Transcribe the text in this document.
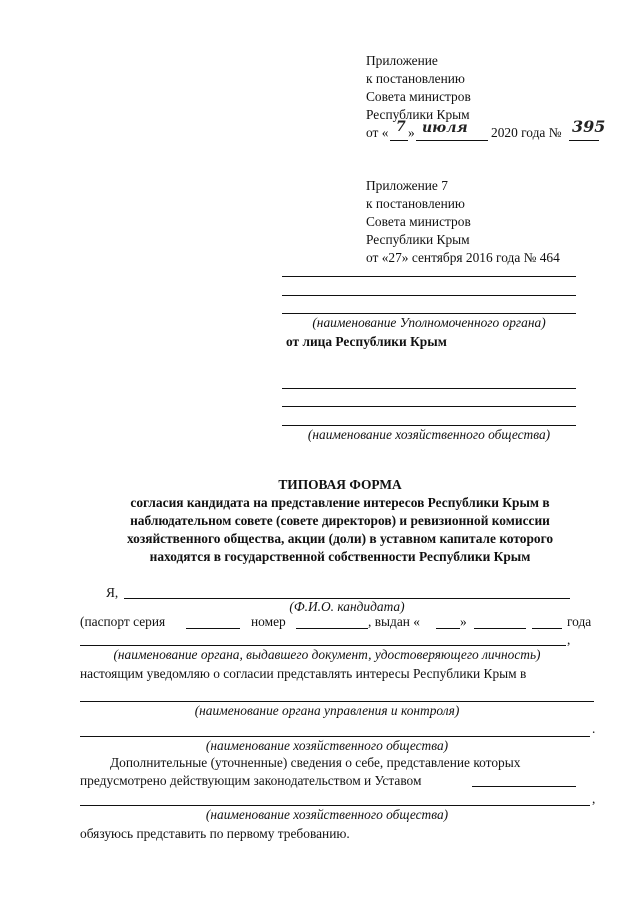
Приложение
к постановлению
Совета министров
Республики Крым
от « 7 » июля 2020 года № 395
Приложение 7
к постановлению
Совета министров
Республики Крым
от «27» сентября 2016 года № 464
(наименование Уполномоченного органа)
от лица Республики Крым
(наименование хозяйственного общества)
ТИПОВАЯ ФОРМА
согласия кандидата на представление интересов Республики Крым в
наблюдательном совете (совете директоров) и ревизионной комиссии
хозяйственного общества, акции (доли) в уставном капитале которого
находятся в государственной собственности Республики Крым
Я,
(Ф.И.О. кандидата)
(паспорт серия	номер	, выдан «	»	года
,
(наименование органа, выдавшего документ, удостоверяющего личность)
настоящим уведомляю о согласии представлять интересы Республики Крым в
(наименование органа управления и контроля)
.
(наименование хозяйственного общества)
Дополнительные (уточненные) сведения о себе, представление которых
предусмотрено действующим законодательством и Уставом
,
(наименование хозяйственного общества)
обязуюсь представить по первому требованию.
